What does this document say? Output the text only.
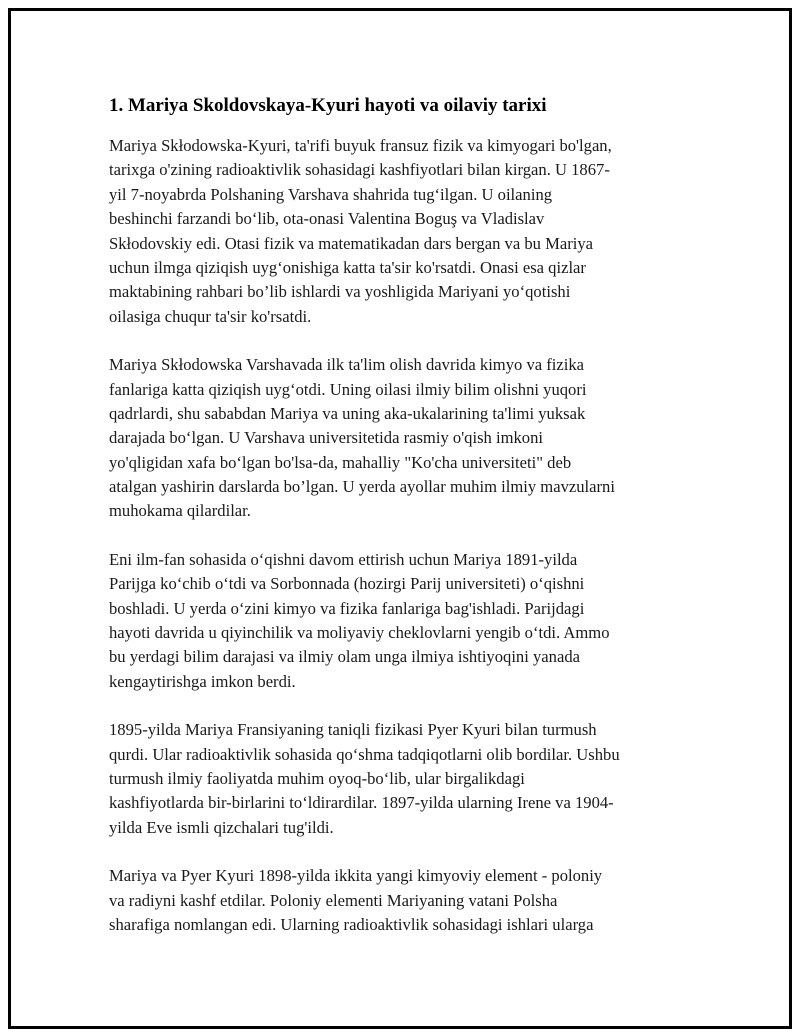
1. Mariya Skoldovskaya-Kyuri hayoti va oilaviy tarixi
Mariya Skłodowska-Kyuri, ta'rifi buyuk fransuz fizik va kimyogari bo'lgan,
tarixga o'zining radioaktivlik sohasidagi kashfiyotlari bilan kirgan. U 1867-
yil 7-noyabrda Polshaning Varshava shahrida tug‘ilgan. U oilaning
beshinchi farzandi bo‘lib, ota-onasi Valentina Boguş va Vladislav
Skłodovskiy edi. Otasi fizik va matematikadan dars bergan va bu Mariya
uchun ilmga qiziqish uyg‘onishiga katta ta'sir ko'rsatdi. Onasi esa qizlar
maktabining rahbari bo’lib ishlardi va yoshligida Mariyani yo‘qotishi
oilasiga chuqur ta'sir ko'rsatdi.
Mariya Skłodowska Varshavada ilk ta'lim olish davrida kimyo va fizika
fanlariga katta qiziqish uyg‘otdi. Uning oilasi ilmiy bilim olishni yuqori
qadrlardi, shu sababdan Mariya va uning aka-ukalarining ta'limi yuksak
darajada bo‘lgan. U Varshava universitetida rasmiy o'qish imkoni
yo'qligidan xafa bo‘lgan bo'lsa-da, mahalliy "Ko'cha universiteti" deb
atalgan yashirin darslarda bo’lgan. U yerda ayollar muhim ilmiy mavzularni
muhokama qilardilar.
Eni ilm-fan sohasida o‘qishni davom ettirish uchun Mariya 1891-yilda
Parijga ko‘chib o‘tdi va Sorbonnada (hozirgi Parij universiteti) o‘qishni
boshladi. U yerda o‘zini kimyo va fizika fanlariga bag'ishladi. Parijdagi
hayoti davrida u qiyinchilik va moliyaviy cheklovlarni yengib o‘tdi. Ammo
bu yerdagi bilim darajasi va ilmiy olam unga ilmiya ishtiyoqini yanada
kengaytirishga imkon berdi.
1895-yilda Mariya Fransiyaning taniqli fizikasi Pyer Kyuri bilan turmush
qurdi. Ular radioaktivlik sohasida qo‘shma tadqiqotlarni olib bordilar. Ushbu
turmush ilmiy faoliyatda muhim oyoq-bo‘lib, ular birgalikdagi
kashfiyotlarda bir-birlarini to‘ldirardilar. 1897-yilda ularning Irene va 1904-
yilda Eve ismli qizchalari tug'ildi.
Mariya va Pyer Kyuri 1898-yilda ikkita yangi kimyoviy element - poloniy
va radiyni kashf etdilar. Poloniy elementi Mariyaning vatani Polsha
sharafiga nomlangan edi. Ularning radioaktivlik sohasidagi ishlari ularga
